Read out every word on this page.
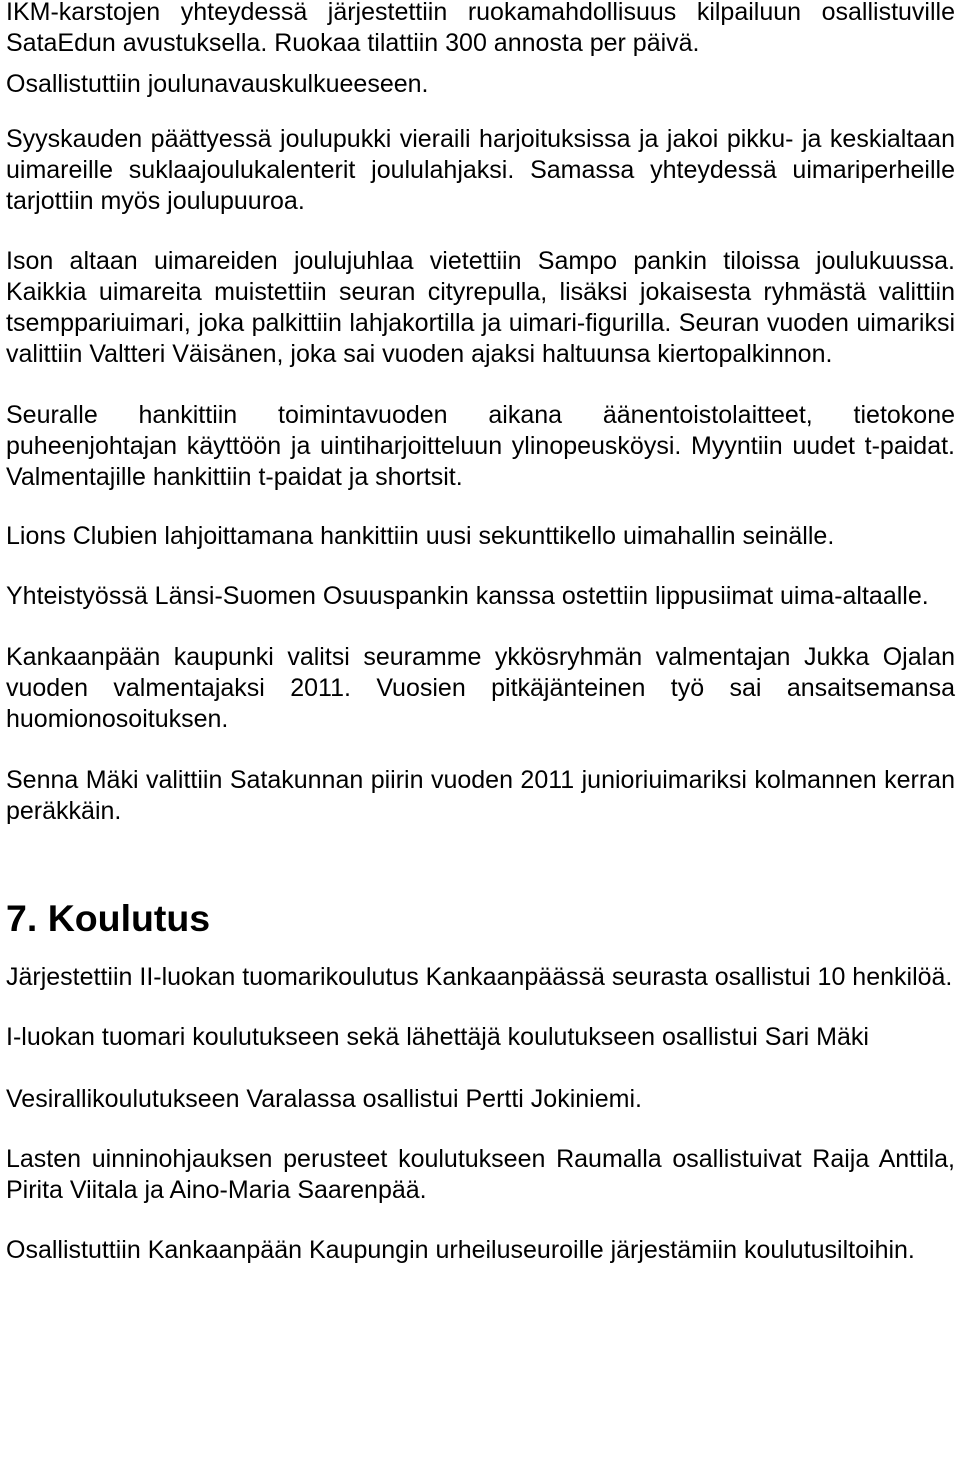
IKM-karstojen yhteydessä järjestettiin ruokamahdollisuus kilpailuun osallistuville SataEdun avustuksella. Ruokaa tilattiin 300 annosta per päivä.

Osallistuttiin joulunavauskulkueeseen.

Syyskauden päättyessä joulupukki vieraili harjoituksissa ja jakoi pikku- ja keskialtaan uimareille suklaajoulukalenterit joululahjaksi. Samassa yhteydessä uimariperheille tarjottiin myös joulupuuroa.

Ison altaan uimareiden joulujuhlaa vietettiin Sampo pankin tiloissa joulukuussa. Kaikkia uimareita muistettiin seuran cityrepulla, lisäksi jokaisesta ryhmästä valittiin tsemppariuimari, joka palkittiin lahjakortilla ja uimari-figurilla. Seuran vuoden uimariksi valittiin Valtteri Väisänen, joka sai vuoden ajaksi haltuunsa kiertopalkinnon.

Seuralle hankittiin toimintavuoden aikana äänentoistolaitteet, tietokone puheenjohtajan käyttöön ja uintiharjoitteluun ylinopeusköysi. Myyntiin uudet t-paidat. Valmentajille hankittiin t-paidat ja shortsit.

Lions Clubien lahjoittamana hankittiin uusi sekunttikello uimahallin seinälle.

Yhteistyössä Länsi-Suomen Osuuspankin kanssa ostettiin lippusiimat uima-altaalle.

Kankaanpään kaupunki valitsi seuramme ykkösryhmän valmentajan Jukka Ojalan vuoden valmentajaksi 2011. Vuosien pitkäjänteinen työ sai ansaitsemansa huomionosoituksen.

Senna Mäki valittiin Satakunnan piirin vuoden 2011 junioriuimariksi kolmannen kerran peräkkäin.

7. Koulutus

Järjestettiin II-luokan tuomarikoulutus Kankaanpäässä seurasta osallistui 10 henkilöä.

I-luokan tuomari koulutukseen sekä lähettäjä koulutukseen osallistui Sari Mäki

Vesirallikoulutukseen Varalassa osallistui Pertti Jokiniemi.

Lasten uinninohjauksen perusteet koulutukseen Raumalla osallistuivat Raija Anttila, Pirita Viitala ja Aino-Maria Saarenpää.

Osallistuttiin Kankaanpään Kaupungin urheiluseuroille järjestämiin koulutusiltoihin.
